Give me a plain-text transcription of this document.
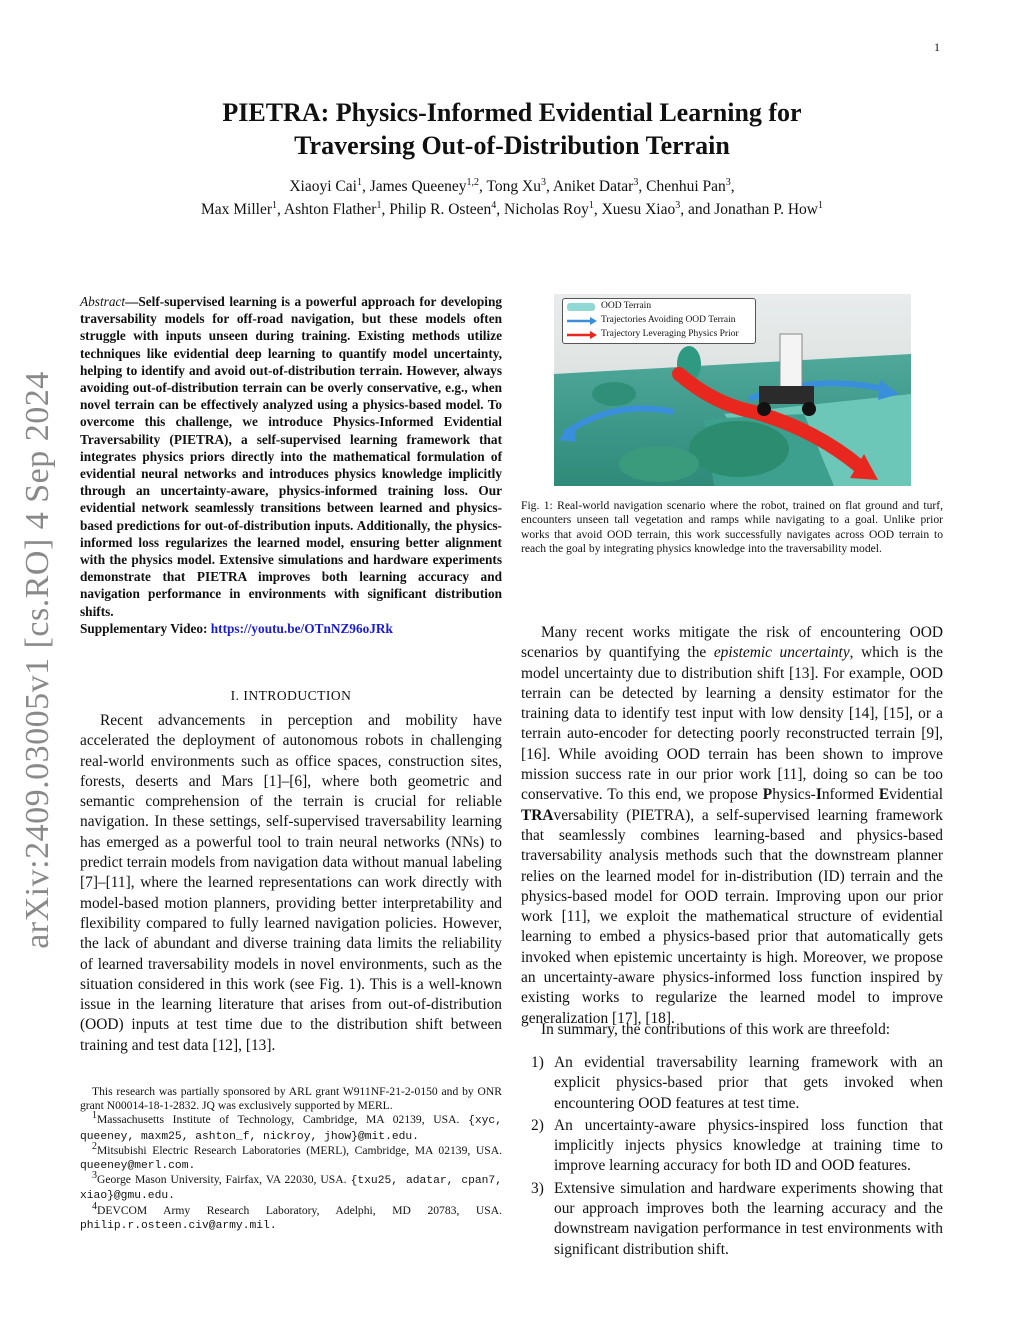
1
arXiv:2409.03005v1 [cs.RO] 4 Sep 2024
PIETRA: Physics-Informed Evidential Learning for
Traversing Out-of-Distribution Terrain
Xiaoyi Cai$^1$, James Queeney$^{1,2}$, Tong Xu$^3$, Aniket Datar$^3$, Chenhui Pan$^3$,
Max Miller$^1$, Ashton Flather$^1$, Philip R. Osteen$^4$, Nicholas Roy$^1$, Xuesu Xiao$^3$, and Jonathan P. How$^1$
Abstract—Self-supervised learning is a powerful approach for developing traversability models for off-road navigation, but these models often struggle with inputs unseen during training. Existing methods utilize techniques like evidential deep learning to quantify model uncertainty, helping to identify and avoid out-of-distribution terrain. However, always avoiding out-of-distribution terrain can be overly conservative, e.g., when novel terrain can be effectively analyzed using a physics-based model. To overcome this challenge, we introduce Physics-Informed Evidential Traversability (PIETRA), a self-supervised learning framework that integrates physics priors directly into the mathematical formulation of evidential neural networks and introduces physics knowledge implicitly through an uncertainty-aware, physics-informed training loss. Our evidential network seamlessly transitions between learned and physics-based predictions for out-of-distribution inputs. Additionally, the physics-informed loss regularizes the learned model, ensuring better alignment with the physics model. Extensive simulations and hardware experiments demonstrate that PIETRA improves both learning accuracy and navigation performance in environments with significant distribution shifts.
Supplementary Video: https://youtu.be/OTnNZ96oJRk
I. INTRODUCTION

Recent advancements in perception and mobility have accelerated the deployment of autonomous robots in challenging real-world environments such as office spaces, construction sites, forests, deserts and Mars [1]–[6], where both geometric and semantic comprehension of the terrain is crucial for reliable navigation. In these settings, self-supervised traversability learning has emerged as a powerful tool to train neural networks (NNs) to predict terrain models from navigation data without manual labeling [7]–[11], where the learned representations can work directly with model-based motion planners, providing better interpretability and flexibility compared to fully learned navigation policies. However, the lack of abundant and diverse training data limits the reliability of learned traversability models in novel environments, such as the situation considered in this work (see Fig. 1). This is a well-known issue in the learning literature that arises from out-of-distribution (OOD) inputs at test time due to the distribution shift between training and test data [12], [13].

This research was partially sponsored by ARL grant W911NF-21-2-0150 and by ONR grant N00014-18-1-2832. JQ was exclusively supported by MERL.

$^1$Massachusetts Institute of Technology, Cambridge, MA 02139, USA. {xyc, queeney, maxm25, ashton_f, nickroy, jhow}@mit.edu.

$^2$Mitsubishi Electric Research Laboratories (MERL), Cambridge, MA 02139, USA. queeney@merl.com.

$^3$George Mason University, Fairfax, VA 22030, USA. {txu25, adatar, cpan7, xiao}@gmu.edu.

$^4$DEVCOM Army Research Laboratory, Adelphi, MD 20783, USA. philip.r.osteen.civ@army.mil.

OOD Terrain
Trajectories Avoiding OOD Terrain
Trajectory Leveraging Physics Prior
Fig. 1: Real-world navigation scenario where the robot, trained on flat ground and turf, encounters unseen tall vegetation and ramps while navigating to a goal. Unlike prior works that avoid OOD terrain, this work successfully navigates across OOD terrain to reach the goal by integrating physics knowledge into the traversability model.

Many recent works mitigate the risk of encountering OOD scenarios by quantifying the epistemic uncertainty, which is the model uncertainty due to distribution shift [13]. For example, OOD terrain can be detected by learning a density estimator for the training data to identify test input with low density [14], [15], or a terrain auto-encoder for detecting poorly reconstructed terrain [9], [16]. While avoiding OOD terrain has been shown to improve mission success rate in our prior work [11], doing so can be too conservative. To this end, we propose Physics-Informed Evidential TRAversability (PIETRA), a self-supervised learning framework that seamlessly combines learning-based and physics-based traversability analysis methods such that the downstream planner relies on the learned model for in-distribution (ID) terrain and the physics-based model for OOD terrain. Improving upon our prior work [11], we exploit the mathematical structure of evidential learning to embed a physics-based prior that automatically gets invoked when epistemic uncertainty is high. Moreover, we propose an uncertainty-aware physics-informed loss function inspired by existing works to regularize the learned model to improve generalization [17], [18].

In summary, the contributions of this work are threefold:

1) An evidential traversability learning framework with an explicit physics-based prior that gets invoked when encountering OOD features at test time.
2) An uncertainty-aware physics-inspired loss function that implicitly injects physics knowledge at training time to improve learning accuracy for both ID and OOD features.
3) Extensive simulation and hardware experiments showing that our approach improves both the learning accuracy and the downstream navigation performance in test environments with significant distribution shift.
